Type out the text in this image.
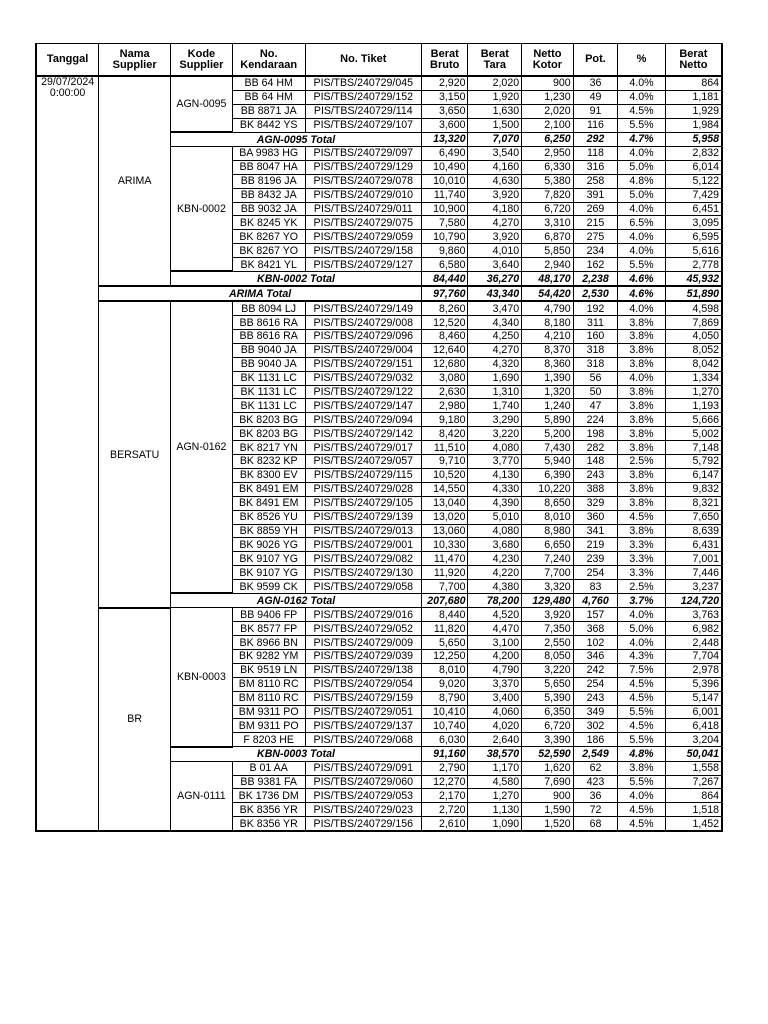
Tanggal	Nama Supplier	Kode Supplier	No. Kendaraan	No. Tiket	Berat Bruto	Berat Tara	Netto Kotor	Pot.	%	Berat Netto
29/07/2024 0:00:00	ARIMA	AGN-0095	BB 64 HM	PIS/TBS/240729/045	2,920	2,020	900	36	4.0%	864
			BB 64 HM	PIS/TBS/240729/152	3,150	1,920	1,230	49	4.0%	1,181
			BB 8871 JA	PIS/TBS/240729/114	3,650	1,630	2,020	91	4.5%	1,929
			BK 8442 YS	PIS/TBS/240729/107	3,600	1,500	2,100	116	5.5%	1,984
		AGN-0095 Total			13,320	7,070	6,250	292	4.7%	5,958
		KBN-0002	BA 9983 HG	PIS/TBS/240729/097	6,490	3,540	2,950	118	4.0%	2,832
			BB 8047 HA	PIS/TBS/240729/129	10,490	4,160	6,330	316	5.0%	6,014
			BB 8196 JA	PIS/TBS/240729/078	10,010	4,630	5,380	258	4.8%	5,122
			BB 8432 JA	PIS/TBS/240729/010	11,740	3,920	7,820	391	5.0%	7,429
			BB 9032 JA	PIS/TBS/240729/011	10,900	4,180	6,720	269	4.0%	6,451
			BK 8245 YK	PIS/TBS/240729/075	7,580	4,270	3,310	215	6.5%	3,095
			BK 8267 YO	PIS/TBS/240729/059	10,790	3,920	6,870	275	4.0%	6,595
			BK 8267 YO	PIS/TBS/240729/158	9,860	4,010	5,850	234	4.0%	5,616
			BK 8421 YL	PIS/TBS/240729/127	6,580	3,640	2,940	162	5.5%	2,778
		KBN-0002 Total			84,440	36,270	48,170	2,238	4.6%	45,932
	ARIMA Total				97,760	43,340	54,420	2,530	4.6%	51,890
	BERSATU	AGN-0162	BB 8094 LJ	PIS/TBS/240729/149	8,260	3,470	4,790	192	4.0%	4,598
			BB 8616 RA	PIS/TBS/240729/008	12,520	4,340	8,180	311	3.8%	7,869
			BB 8616 RA	PIS/TBS/240729/096	8,460	4,250	4,210	160	3.8%	4,050
			BB 9040 JA	PIS/TBS/240729/004	12,640	4,270	8,370	318	3.8%	8,052
			BB 9040 JA	PIS/TBS/240729/151	12,680	4,320	8,360	318	3.8%	8,042
			BK 1131 LC	PIS/TBS/240729/032	3,080	1,690	1,390	56	4.0%	1,334
			BK 1131 LC	PIS/TBS/240729/122	2,630	1,310	1,320	50	3.8%	1,270
			BK 1131 LC	PIS/TBS/240729/147	2,980	1,740	1,240	47	3.8%	1,193
			BK 8203 BG	PIS/TBS/240729/094	9,180	3,290	5,890	224	3.8%	5,666
			BK 8203 BG	PIS/TBS/240729/142	8,420	3,220	5,200	198	3.8%	5,002
			BK 8217 YN	PIS/TBS/240729/017	11,510	4,080	7,430	282	3.8%	7,148
			BK 8232 KP	PIS/TBS/240729/057	9,710	3,770	5,940	148	2.5%	5,792
			BK 8300 EV	PIS/TBS/240729/115	10,520	4,130	6,390	243	3.8%	6,147
			BK 8491 EM	PIS/TBS/240729/028	14,550	4,330	10,220	388	3.8%	9,832
			BK 8491 EM	PIS/TBS/240729/105	13,040	4,390	8,650	329	3.8%	8,321
			BK 8526 YU	PIS/TBS/240729/139	13,020	5,010	8,010	360	4.5%	7,650
			BK 8859 YH	PIS/TBS/240729/013	13,060	4,080	8,980	341	3.8%	8,639
			BK 9026 YG	PIS/TBS/240729/001	10,330	3,680	6,650	219	3.3%	6,431
			BK 9107 YG	PIS/TBS/240729/082	11,470	4,230	7,240	239	3.3%	7,001
			BK 9107 YG	PIS/TBS/240729/130	11,920	4,220	7,700	254	3.3%	7,446
			BK 9599 CK	PIS/TBS/240729/058	7,700	4,380	3,320	83	2.5%	3,237
		AGN-0162 Total			207,680	78,200	129,480	4,760	3.7%	124,720
	BR	KBN-0003	BB 9406 FP	PIS/TBS/240729/016	8,440	4,520	3,920	157	4.0%	3,763
			BK 8577 FP	PIS/TBS/240729/052	11,820	4,470	7,350	368	5.0%	6,982
			BK 8966 BN	PIS/TBS/240729/009	5,650	3,100	2,550	102	4.0%	2,448
			BK 9282 YM	PIS/TBS/240729/039	12,250	4,200	8,050	346	4.3%	7,704
			BK 9519 LN	PIS/TBS/240729/138	8,010	4,790	3,220	242	7.5%	2,978
			BM 8110 RC	PIS/TBS/240729/054	9,020	3,370	5,650	254	4.5%	5,396
			BM 8110 RC	PIS/TBS/240729/159	8,790	3,400	5,390	243	4.5%	5,147
			BM 9311 PO	PIS/TBS/240729/051	10,410	4,060	6,350	349	5.5%	6,001
			BM 9311 PO	PIS/TBS/240729/137	10,740	4,020	6,720	302	4.5%	6,418
			F 8203 HE	PIS/TBS/240729/068	6,030	2,640	3,390	186	5.5%	3,204
		KBN-0003 Total			91,160	38,570	52,590	2,549	4.8%	50,041
		AGN-0111	B 01 AA	PIS/TBS/240729/091	2,790	1,170	1,620	62	3.8%	1,558
			BB 9381 FA	PIS/TBS/240729/060	12,270	4,580	7,690	423	5.5%	7,267
			BK 1736 DM	PIS/TBS/240729/053	2,170	1,270	900	36	4.0%	864
			BK 8356 YR	PIS/TBS/240729/023	2,720	1,130	1,590	72	4.5%	1,518
			BK 8356 YR	PIS/TBS/240729/156	2,610	1,090	1,520	68	4.5%	1,452
